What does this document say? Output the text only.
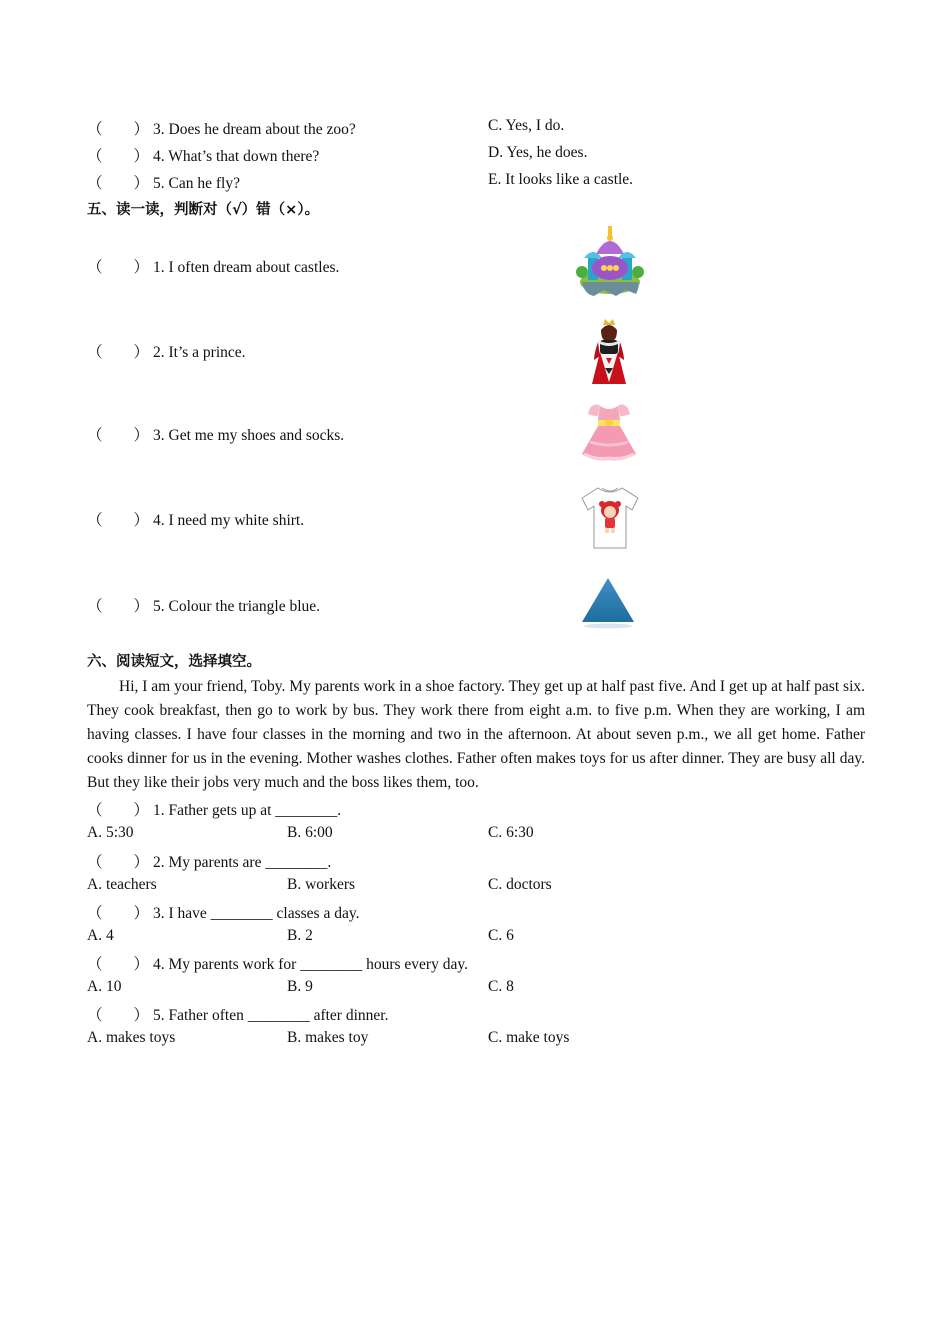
（　　） 3. Does he dream about the zoo?	C. Yes, I do.
（　　） 4. What’s that down there?	D. Yes, he does.
（　　） 5. Can he fly?	E. It looks like a castle.
五、读一读，判断对（√）错（×）。
（　　） 1. I often dream about castles.
（　　） 2. It’s a prince.
（　　） 3. Get me my shoes and socks.
（　　） 4. I need my white shirt.
（　　） 5. Colour the triangle blue.
六、阅读短文，选择填空。
Hi, I am your friend, Toby. My parents work in a shoe factory. They get up at half past five. And I get up at half past six. They cook breakfast, then go to work by bus. They work there from eight a.m. to five p.m. When they are working, I am having classes. I have four classes in the morning and two in the afternoon. At about seven p.m., we all get home. Father cooks dinner for us in the evening. Mother washes clothes. Father often makes toys for us after dinner. They are busy all day. But they like their jobs very much and the boss likes them, too.
（　　） 1. Father gets up at ________.
A. 5:30	B. 6:00	C. 6:30
（　　） 2. My parents are ________.
A. teachers	B. workers	C. doctors
（　　） 3. I have ________ classes a day.
A. 4	B. 2	C. 6
（　　） 4. My parents work for ________ hours every day.
A. 10	B. 9	C. 8
（　　） 5. Father often ________ after dinner.
A. makes toys	B. makes toy	C. make toys
